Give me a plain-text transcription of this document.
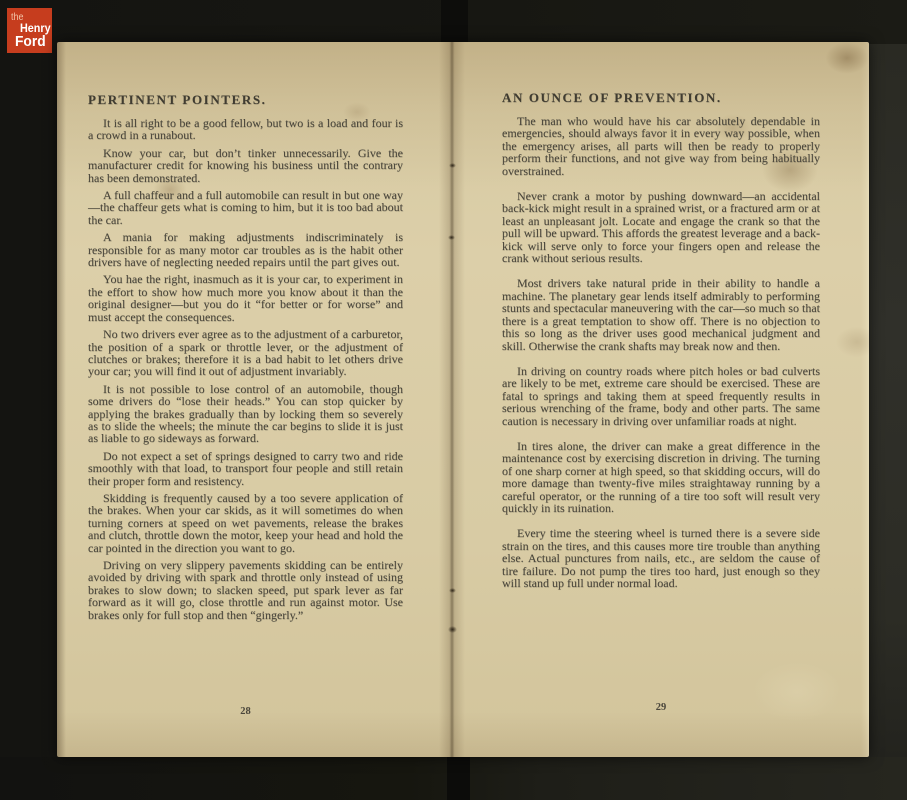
the
Henry
Ford
PERTINENT POINTERS.

It is all right to be a good fellow, but two is a load and four is a crowd in a runabout.

Know your car, but don’t tinker unnecessarily. Give the manufacturer credit for knowing his business until the contrary has been demonstrated.

A full chaffeur and a full automobile can result in but one way—the chaffeur gets what is coming to him, but it is too bad about the car.

A mania for making adjustments indiscriminately is responsible for as many motor car troubles as is the habit other drivers have of neglecting needed repairs until the part gives out.

You hae the right, inasmuch as it is your car, to experiment in the effort to show how much more you know about it than the original designer—but you do it “for better or for worse” and must accept the consequences.

No two drivers ever agree as to the adjustment of a carburetor, the position of a spark or throttle lever, or the adjustment of clutches or brakes; therefore it is a bad habit to let others drive your car; you will find it out of adjustment invariably.

It is not possible to lose control of an automobile, though some drivers do “lose their heads.” You can stop quicker by applying the brakes gradually than by locking them so severely as to slide the wheels; the minute the car begins to slide it is just as liable to go sideways as forward.

Do not expect a set of springs designed to carry two and ride smoothly with that load, to transport four people and still retain their proper form and resistency.

Skidding is frequently caused by a too severe application of the brakes. When your car skids, as it will sometimes do when turning corners at speed on wet pavements, release the brakes and clutch, throttle down the motor, keep your head and hold the car pointed in the direction you want to go.

Driving on very slippery pavements skidding can be entirely avoided by driving with spark and throttle only instead of using brakes to slow down; to slacken speed, put spark lever as far forward as it will go, close throttle and run against motor. Use brakes only for full stop and then “gingerly.”

28
AN OUNCE OF PREVENTION.

The man who would have his car absolutely dependable in emergencies, should always favor it in every way possible, when the emergency arises, all parts will then be ready to properly perform their functions, and not give way from being habitually overstrained.

Never crank a motor by pushing downward—an accidental back-kick might result in a sprained wrist, or a fractured arm or at least an unpleasant jolt. Locate and engage the crank so that the pull will be upward. This affords the greatest leverage and a back-kick will serve only to force your fingers open and release the crank without serious results.

Most drivers take natural pride in their ability to handle a machine. The planetary gear lends itself admirably to performing stunts and spectacular maneuvering with the car—so much so that there is a great temptation to show off. There is no objection to this so long as the driver uses good mechanical judgment and skill. Otherwise the crank shafts may break now and then.

In driving on country roads where pitch holes or bad culverts are likely to be met, extreme care should be exercised. These are fatal to springs and taking them at speed frequently results in serious wrenching of the frame, body and other parts. The same caution is necessary in driving over unfamiliar roads at night.

In tires alone, the driver can make a great difference in the maintenance cost by exercising discretion in driving. The turning of one sharp corner at high speed, so that skidding occurs, will do more damage than twenty-five miles straightaway running by a careful operator, or the running of a tire too soft will result very quickly in its ruination.

Every time the steering wheel is turned there is a severe side strain on the tires, and this causes more tire trouble than anything else. Actual punctures from nails, etc., are seldom the cause of tire failure. Do not pump the tires too hard, just enough so they will stand up full under normal load.

29
